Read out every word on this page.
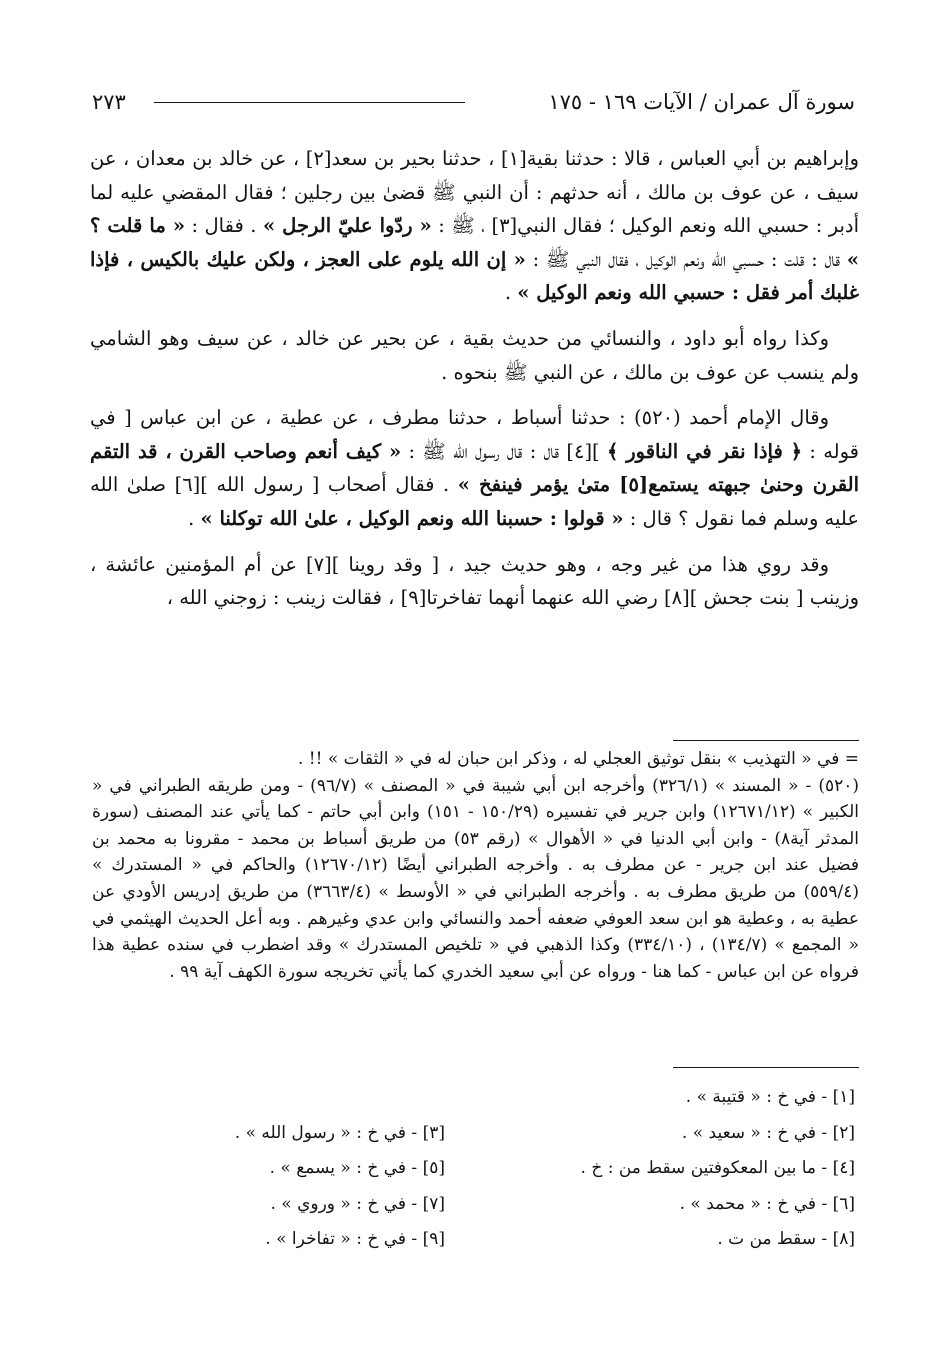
سورة آل عمران / الآيات ١٦٩ - ١٧٥
٢٧٣

وإبراهيم بن أبي العباس ، قالا : حدثنا بقية[١] ، حدثنا بحير بن سعد[٢] ، عن خالد بن معدان ، عن سيف ، عن عوف بن مالك ، أنه حدثهم : أن النبي ﷺ قضىٰ بين رجلين ؛ فقال المقضي عليه لما أدبر : حسبي الله ونعم الوكيل ؛ فقال النبي[٣] ، ﷺ : « ردّوا عليّ الرجل » . فقال : « ما قلت ؟ » قال : قلت : حسبي الله ونعم الوكيل ، فقال النبي ﷺ : « إن الله يلوم على العجز ، ولكن عليك بالكيس ، فإذا غلبك أمر فقل : حسبي الله ونعم الوكيل » .

وكذا رواه أبو داود ، والنسائي من حديث بقية ، عن بحير عن خالد ، عن سيف وهو الشامي ولم ينسب عن عوف بن مالك ، عن النبي ﷺ بنحوه .

وقال الإمام أحمد (٥٢٠) : حدثنا أسباط ، حدثنا مطرف ، عن عطية ، عن ابن عباس [ في قوله : ﴿ فإذا نقر في الناقور ﴾ ][٤] قال : قال رسول الله ﷺ : « كيف أنعم وصاحب القرن ، قد التقم القرن وحنىٰ جبهته يستمع[٥] متىٰ يؤمر فينفخ » . فقال أصحاب [ رسول الله ][٦] صلىٰ الله عليه وسلم فما نقول ؟ قال : « قولوا : حسبنا الله ونعم الوكيل ، علىٰ الله توكلنا » .

وقد روي هذا من غير وجه ، وهو حديث جيد ، [ وقد روينا ][٧] عن أم المؤمنين عائشة ، وزينب [ بنت جحش ][٨] رضي الله عنهما أنهما تفاخرتا[٩] ، فقالت زينب : زوجني الله ،

= في « التهذيب » بنقل توثيق العجلي له ، وذكر ابن حبان له في « الثقات » !! .

(٥٢٠) - « المسند » (٣٢٦/١) وأخرجه ابن أبي شيبة في « المصنف » (٩٦/٧) - ومن طريقه الطبراني في « الكبير » (١٢٦٧١/١٢) وابن جرير في تفسيره (١٥٠/٢٩ - ١٥١) وابن أبي حاتم - كما يأتي عند المصنف (سورة المدثر آية٨) - وابن أبي الدنيا في « الأهوال » (رقم ٥٣) من طريق أسباط بن محمد - مقرونا به محمد بن فضيل عند ابن جرير - عن مطرف به . وأخرجه الطبراني أيضًا (١٢٦٧٠/١٢) والحاكم في « المستدرك » (٥٥٩/٤) من طريق مطرف به . وأخرجه الطبراني في « الأوسط » (٣٦٦٣/٤) من طريق إدريس الأودي عن عطية به ، وعطية هو ابن سعد العوفي ضعفه أحمد والنسائي وابن عدي وغيرهم . وبه أعل الحديث الهيثمي في « المجمع » (١٣٤/٧) ، (٣٣٤/١٠) وكذا الذهبي في « تلخيص المستدرك » وقد اضطرب في سنده عطية هذا فرواه عن ابن عباس - كما هنا - ورواه عن أبي سعيد الخدري كما يأتي تخريجه سورة الكهف آية ٩٩ .

[١] - في خ : « قتيبة » .
[٢] - في خ : « سعيد » .
[٤] - ما بين المعكوفتين سقط من : خ .
[٦] - في خ : « محمد » .
[٨] - سقط من ت .
[٣] - في خ : « رسول الله » .
[٥] - في خ : « يسمع » .
[٧] - في خ : « وروي » .
[٩] - في خ : « تفاخرا » .
